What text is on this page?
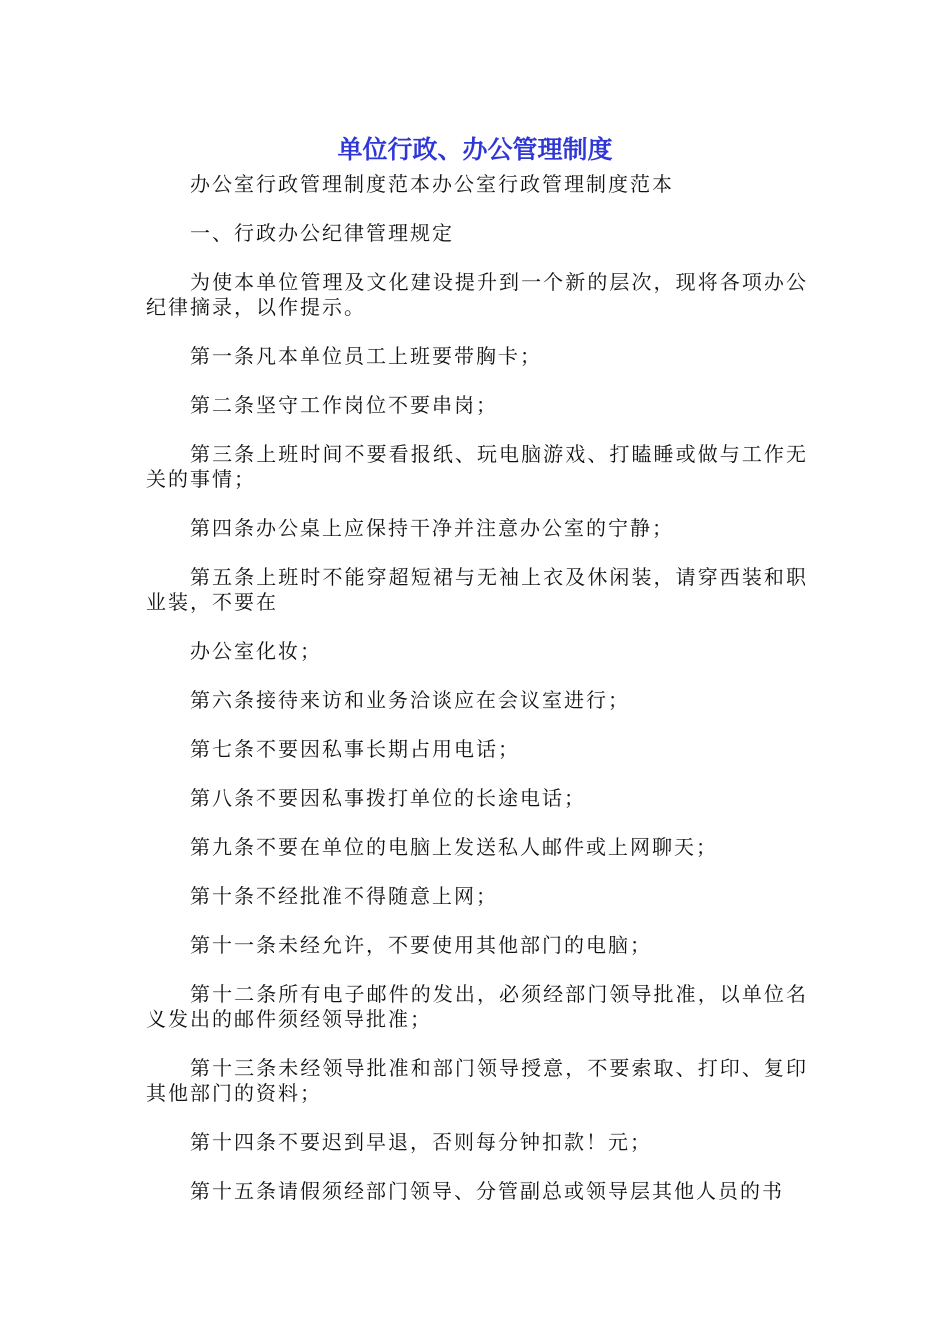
单位行政、办公管理制度

办公室行政管理制度范本办公室行政管理制度范本

一、行政办公纪律管理规定

为使本单位管理及文化建设提升到一个新的层次，现将各项办公纪律摘录，以作提示。

第一条凡本单位员工上班要带胸卡；

第二条坚守工作岗位不要串岗；

第三条上班时间不要看报纸、玩电脑游戏、打瞌睡或做与工作无关的事情；

第四条办公桌上应保持干净并注意办公室的宁静；

第五条上班时不能穿超短裙与无袖上衣及休闲装，请穿西装和职业装，不要在

办公室化妆；

第六条接待来访和业务洽谈应在会议室进行；

第七条不要因私事长期占用电话；

第八条不要因私事拨打单位的长途电话；

第九条不要在单位的电脑上发送私人邮件或上网聊天；

第十条不经批准不得随意上网；

第十一条未经允许，不要使用其他部门的电脑；

第十二条所有电子邮件的发出，必须经部门领导批准，以单位名义发出的邮件须经领导批准；

第十三条未经领导批准和部门领导授意，不要索取、打印、复印其他部门的资料；

第十四条不要迟到早退，否则每分钟扣款！元；

第十五条请假须经部门领导、分管副总或领导层其他人员的书
